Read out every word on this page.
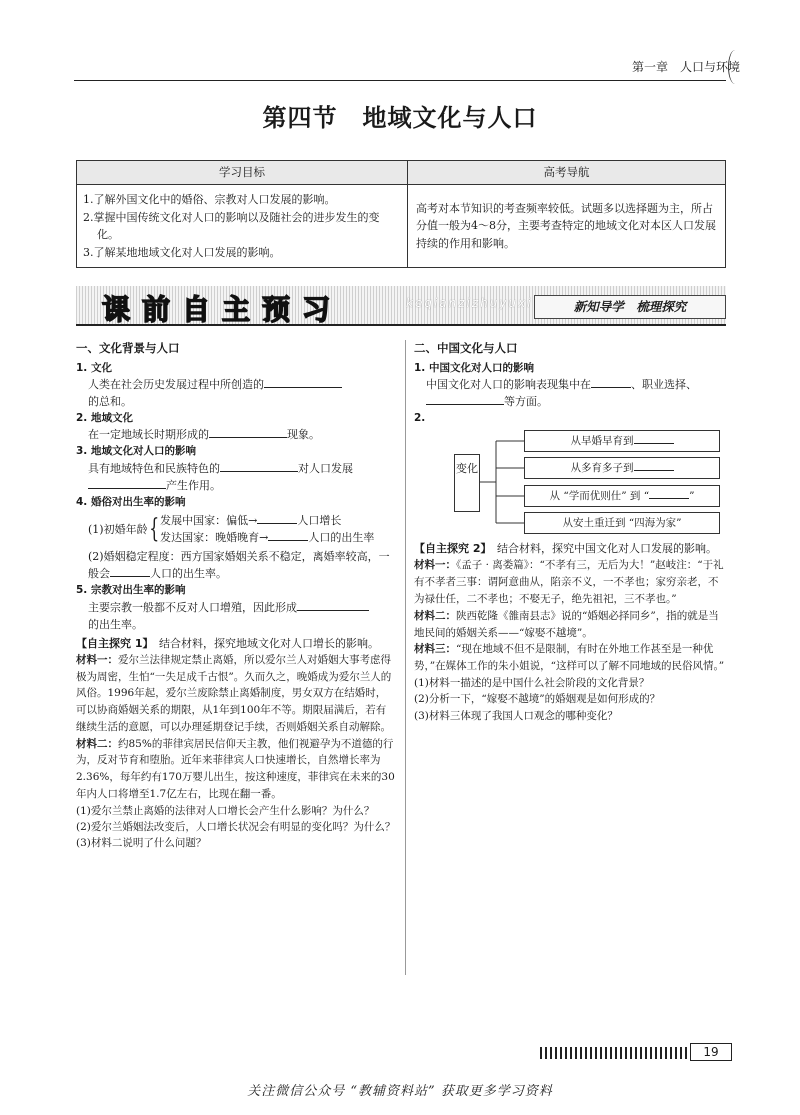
第一章　人口与环境
第四节　地域文化与人口
学习目标	高考导航

1.了解外国文化中的婚俗、宗教对人口发展的影响。
2.掌握中国传统文化对人口的影响以及随社会的进步发生的变化。
3.了解某地地域文化对人口发展的影响。	高考对本节知识的考查频率较低。试题多以选择题为主，所占分值一般为4～8分，主要考查特定的地域文化对本区人口发展持续的作用和影响。
课前自主预习	keqianzizhuyuxi	新知导学　梳理探究
一、文化背景与人口
1. 文化
人类在社会历史发展过程中所创造的
的总和。
2. 地域文化
在一定地域长时期形成的	现象。
3. 地域文化对人口的影响
具有地域特色和民族特色的	对人口发展
产生作用。
4. 婚俗对出生率的影响
(1)初婚年龄{ 发展中国家：偏低→	人口增长
发达国家：晚婚晚育→	人口的出生率
(2)婚姻稳定程度：西方国家婚姻关系不稳定，离婚率较高，一般会	人口的出生率。
5. 宗教对出生率的影响
主要宗教一般都不反对人口增殖，因此形成
的出生率。
【自主探究 1】　结合材料，探究地域文化对人口增长的影响。
材料一：爱尔兰法律规定禁止离婚，所以爱尔兰人对婚姻大事考虑得极为周密，生怕“一失足成千古恨”。久而久之，晚婚成为爱尔兰人的风俗。1996年起，爱尔兰废除禁止离婚制度，男女双方在结婚时，可以协商婚姻关系的期限，从1年到100年不等。期限届满后，若有继续生活的意愿，可以办理延期登记手续，否则婚姻关系自动解除。
材料二：约85%的菲律宾居民信仰天主教，他们视避孕为不道德的行为，反对节育和堕胎。近年来菲律宾人口快速增长，自然增长率为2.36%，每年约有170万婴儿出生，按这种速度，菲律宾在未来的30年内人口将增至1.7亿左右，比现在翻一番。
(1)爱尔兰禁止离婚的法律对人口增长会产生什么影响？为什么？
(2)爱尔兰婚姻法改变后，人口增长状况会有明显的变化吗？为什么？
(3)材料二说明了什么问题？
二、中国文化与人口
1. 中国文化对人口的影响
中国文化对人口的影响表现集中在	、职业选择、
等方面。
2.
变化
从早婚早育到
从多育多子到
从 “学而优则仕” 到 “	”
从安土重迁到 “四海为家”
【自主探究 2】　结合材料，探究中国文化对人口发展的影响。
材料一：《孟子 · 离娄篇》：“不孝有三，无后为大！”赵岐注：“于礼有不孝者三事：谓阿意曲从，陷亲不义，一不孝也；家穷亲老，不为禄仕任，二不孝也；不娶无子，绝先祖祀，三不孝也。”
材料二：陕西乾隆《雒南县志》说的“婚姻必择同乡”，指的就是当地民间的婚姻关系——“嫁娶不越境”。
材料三：“现在地域不但不是限制，有时在外地工作甚至是一种优势，”在媒体工作的朱小姐说，“这样可以了解不同地域的民俗风情。”
(1)材料一描述的是中国什么社会阶段的文化背景？
(2)分析一下，“嫁娶不越境”的婚姻观是如何形成的？
(3)材料三体现了我国人口观念的哪种变化？
19
关注微信公众号 “教辅资料站” 获取更多学习资料
